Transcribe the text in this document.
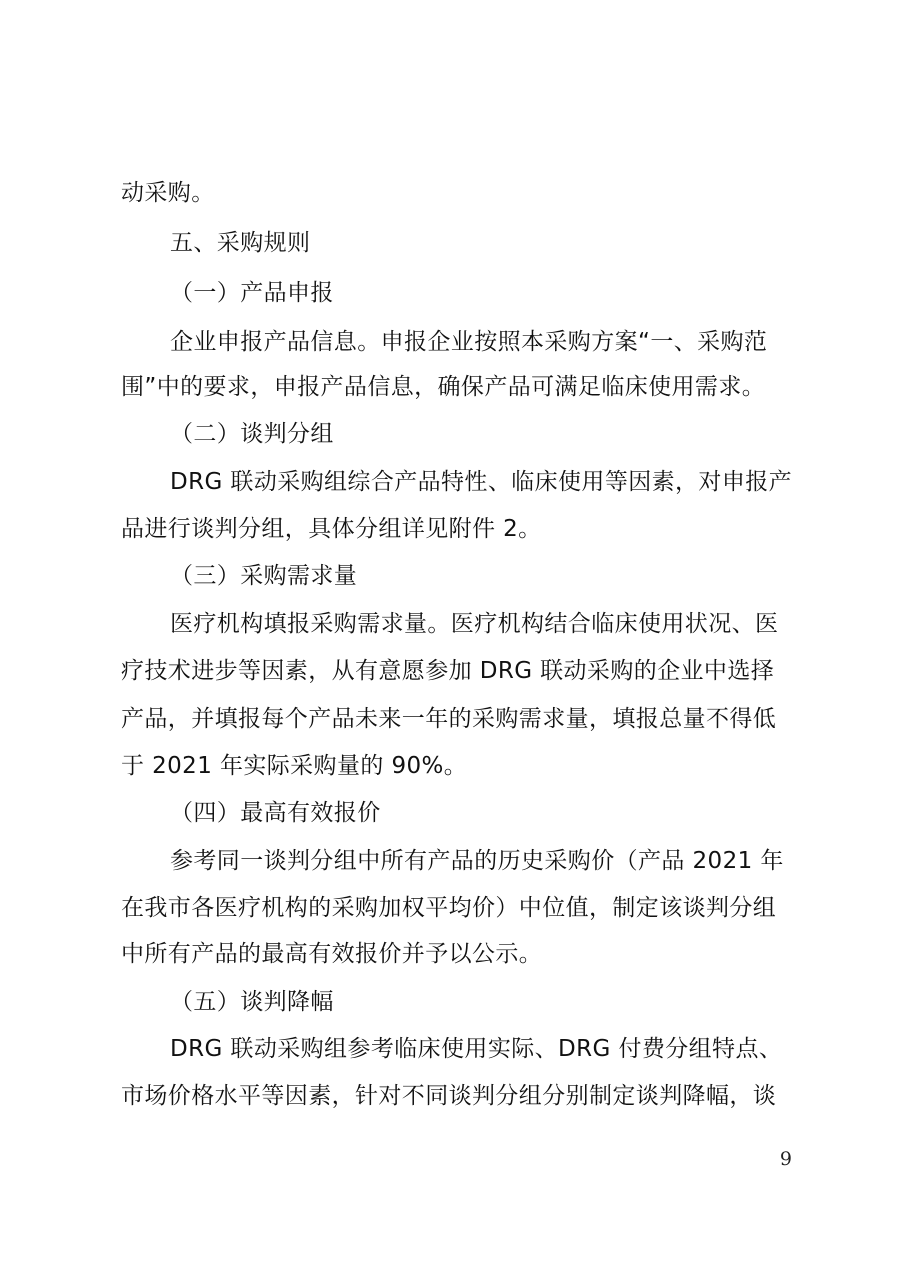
动采购。
五、采购规则
（一）产品申报
企业申报产品信息。申报企业按照本采购方案“一、采购范
围”中的要求，申报产品信息，确保产品可满足临床使用需求。
（二）谈判分组
DRG 联动采购组综合产品特性、临床使用等因素，对申报产
品进行谈判分组，具体分组详见附件 2。
（三）采购需求量
医疗机构填报采购需求量。医疗机构结合临床使用状况、医
疗技术进步等因素，从有意愿参加 DRG 联动采购的企业中选择
产品，并填报每个产品未来一年的采购需求量，填报总量不得低
于 2021 年实际采购量的 90%。
（四）最高有效报价
参考同一谈判分组中所有产品的历史采购价（产品 2021 年
在我市各医疗机构的采购加权平均价）中位值，制定该谈判分组
中所有产品的最高有效报价并予以公示。
（五）谈判降幅
DRG 联动采购组参考临床使用实际、DRG 付费分组特点、
市场价格水平等因素，针对不同谈判分组分别制定谈判降幅，谈
9
